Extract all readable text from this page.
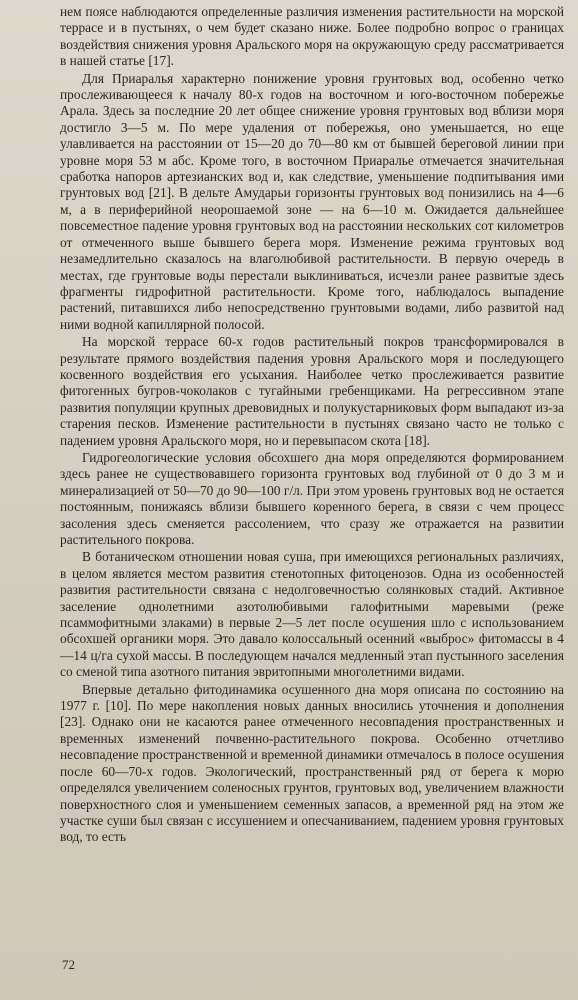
нем поясе наблюдаются определенные различия изменения растительности на морской террасе и в пустынях, о чем будет сказано ниже. Более подробно вопрос о границах воздействия снижения уровня Аральского моря на окружающую среду рассматривается в нашей статье [17].

Для Приаралья характерно понижение уровня грунтовых вод, особенно четко прослеживающееся к началу 80-х годов на восточном и юго-восточном побережье Арала. Здесь за последние 20 лет общее снижение уровня грунтовых вод вблизи моря достигло 3—5 м. По мере удаления от побережья, оно уменьшается, но еще улавливается на расстоянии от 15—20 до 70—80 км от бывшей береговой линии при уровне моря 53 м абс. Кроме того, в восточном Приаралье отмечается значительная сработка напоров артезианских вод и, как следствие, уменьшение подпитывания ими грунтовых вод [21]. В дельте Амударьи горизонты грунтовых вод понизились на 4—6 м, а в периферийной неорошаемой зоне — на 6—10 м. Ожидается дальнейшее повсеместное падение уровня грунтовых вод на расстоянии нескольких сот километров от отмеченного выше бывшего берега моря. Изменение режима грунтовых вод незамедлительно сказалось на влаголюбивой растительности. В первую очередь в местах, где грунтовые воды перестали выклиниваться, исчезли ранее развитые здесь фрагменты гидрофитной растительности. Кроме того, наблюдалось выпадение растений, питавшихся либо непосредственно грунтовыми водами, либо развитой над ними водной капиллярной полосой.

На морской террасе 60-х годов растительный покров трансформировался в результате прямого воздействия падения уровня Аральского моря и последующего косвенного воздействия его усыхания. Наиболее четко прослеживается развитие фитогенных бугров-чоколаков с тугайными гребенщиками. На регрессивном этапе развития популяции крупных древовидных и полукустарниковых форм выпадают из-за старения песков. Изменение растительности в пустынях связано часто не только с падением уровня Аральского моря, но и перевыпасом скота [18].

Гидрогеологические условия обсохшего дна моря определяются формированием здесь ранее не существовавшего горизонта грунтовых вод глубиной от 0 до 3 м и минерализацией от 50—70 до 90—100 г/л. При этом уровень грунтовых вод не остается постоянным, понижаясь вблизи бывшего коренного берега, в связи с чем процесс засоления здесь сменяется рассолением, что сразу же отражается на развитии растительного покрова.

В ботаническом отношении новая суша, при имеющихся региональных различиях, в целом является местом развития стенотопных фитоценозов. Одна из особенностей развития растительности связана с недолговечностью солянковых стадий. Активное заселение однолетними азотолюбивыми галофитными маревыми (реже псаммофитными злаками) в первые 2—5 лет после осушения шло с использованием обсохшей органики моря. Это давало колоссальный осенний «выброс» фитомассы в 4—14 ц/га сухой массы. В последующем начался медленный этап пустынного заселения со сменой типа азотного питания эвритопными многолетними видами.

Впервые детально фитодинамика осушенного дна моря описана по состоянию на 1977 г. [10]. По мере накопления новых данных вносились уточнения и дополнения [23]. Однако они не касаются ранее отмеченного несовпадения пространственных и временных изменений почвенно-растительного покрова. Особенно отчетливо несовпадение пространственной и временной динамики отмечалось в полосе осушения после 60—70-х годов. Экологический, пространственный ряд от берега к морю определялся увеличением соленосных грунтов, грунтовых вод, увеличением влажности поверхностного слоя и уменьшением семенных запасов, а временной ряд на этом же участке суши был связан с иссушением и опесчаниванием, падением уровня грунтовых вод, то есть

72
